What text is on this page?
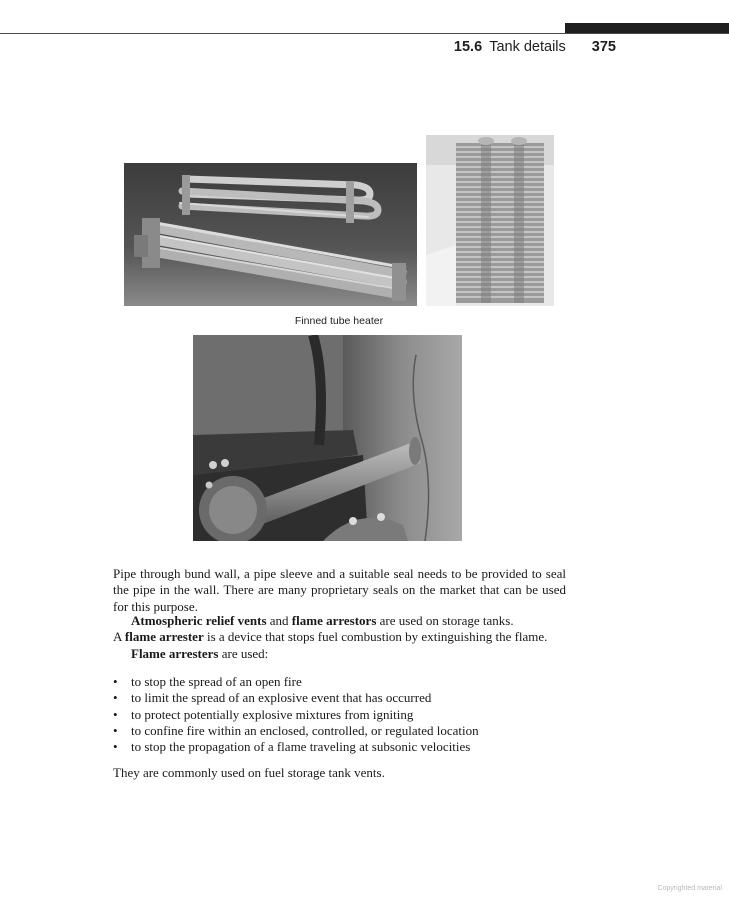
15.6 Tank details 375
Finned tube heater

Pipe through bund wall, a pipe sleeve and a suitable seal needs to be provided to seal the pipe in the wall. There are many proprietary seals on the market that can be used for this purpose.

Atmospheric relief vents and flame arrestors are used on storage tanks.

A flame arrester is a device that stops fuel combustion by extinguishing the flame.

Flame arresters are used:

• to stop the spread of an open fire
• to limit the spread of an explosive event that has occurred
• to protect potentially explosive mixtures from igniting
• to confine fire within an enclosed, controlled, or regulated location
• to stop the propagation of a flame traveling at subsonic velocities
They are commonly used on fuel storage tank vents.
Copyrighted material
